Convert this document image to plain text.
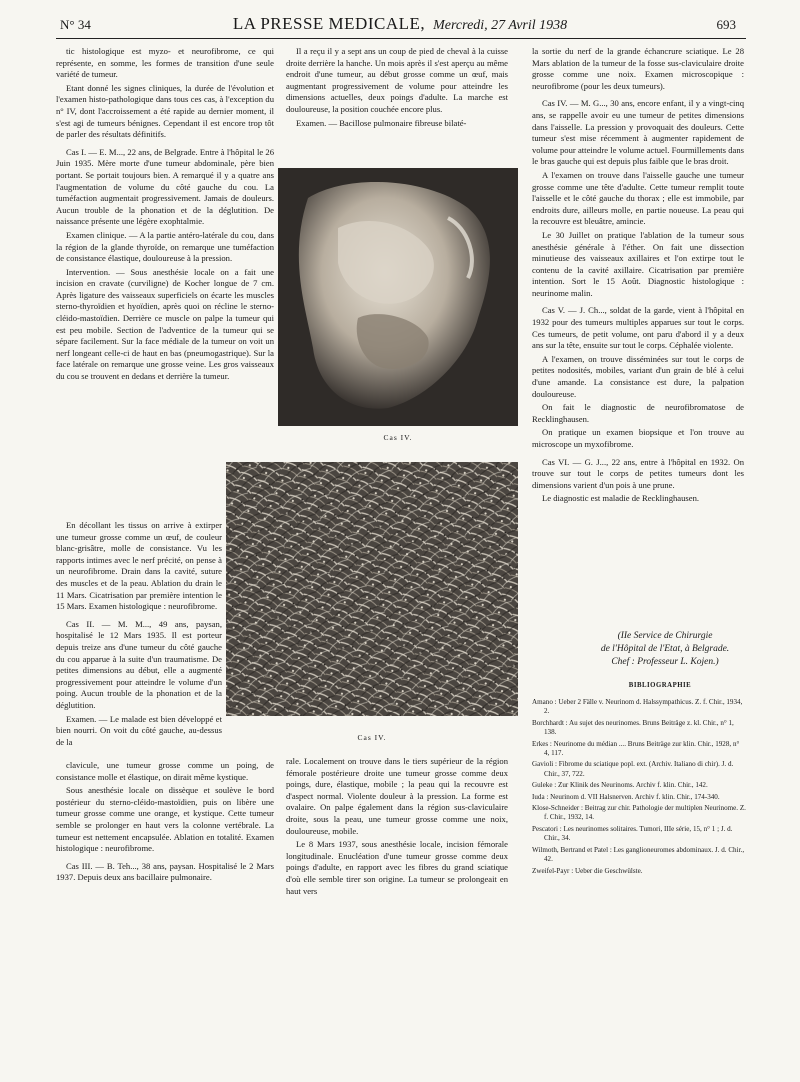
N° 34	LA PRESSE MEDICALE, Mercredi, 27 Avril 1938	693

tic histologique est myzo- et neurofibrome, ce qui représente, en somme, les formes de transition d'une seule variété de tumeur.

Etant donné les signes cliniques, la durée de l'évolution et l'examen histo-pathologique dans tous ces cas, à l'exception du n° IV, dont l'accroissement a été rapide au dernier moment, il s'est agi de tumeurs bénignes. Cependant il est encore trop tôt de parler des résultats définitifs.

Cas I. — E. M..., 22 ans, de Belgrade. Entre à l'hôpital le 26 Juin 1935. Mère morte d'une tumeur abdominale, père bien portant. Se portait toujours bien. A remarqué il y a quatre ans l'augmentation de volume du côté gauche du cou. La tuméfaction augmentait progressivement. Jamais de douleurs. Aucun trouble de la phonation et de la déglutition. De naissance présente une légère exophtalmie.

Examen clinique. — A la partie antéro-latérale du cou, dans la région de la glande thyroïde, on remarque une tuméfaction de consistance élastique, douloureuse à la pression.

Intervention. — Sous anesthésie locale on a fait une incision en cravate (curviligne) de Kocher longue de 7 cm. Après ligature des vaisseaux superficiels on écarte les muscles sterno-thyroïdien et hyoïdien, après quoi on récline le sterno-cléido-mastoïdien. Derrière ce muscle on palpe la tumeur qui est peu mobile. Section de l'adventice de la tumeur qui se sépare facilement. Sur la face médiale de la tumeur on voit un nerf longeant celle-ci de haut en bas (pneumogastrique). Sur la face latérale on remarque une grosse veine. Les gros vaisseaux du cou se trouvent en dedans et derrière la tumeur.

En décollant les tissus on arrive à extirper une tumeur grosse comme un œuf, de couleur blanc-grisâtre, molle de consistance. Vu les rapports intimes avec le nerf précité, on pense à un neurofibrome. Drain dans la cavité, suture des muscles et de la peau. Ablation du drain le 11 Mars. Cicatrisation par première intention le 15 Mars. Examen histologique : neurofibrome.

Cas II. — M. M..., 49 ans, paysan, hospitalisé le 12 Mars 1935. Il est porteur depuis treize ans d'une tumeur du côté gauche du cou apparue à la suite d'un traumatisme. De petites dimensions au début, elle a augmenté progressivement pour atteindre le volume d'un poing. Aucun trouble de la phonation et de la déglutition.

Examen. — Le malade est bien développé et bien nourri. On voit du côté gauche, au-dessus de la

clavicule, une tumeur grosse comme un poing, de consistance molle et élastique, on dirait même kystique.

Sous anesthésie locale on dissèque et soulève le bord postérieur du sterno-cléido-mastoïdien, puis on libère une tumeur grosse comme une orange, et kystique. Cette tumeur semble se prolonger en haut vers la colonne vertébrale. La tumeur est nettement encapsulée. Ablation en totalité. Examen histologique : neurofibrome.

Cas III. — B. Teh..., 38 ans, paysan. Hospitalisé le 2 Mars 1937. Depuis deux ans bacillaire pulmonaire.

Il a reçu il y a sept ans un coup de pied de cheval à la cuisse droite derrière la hanche. Un mois après il s'est aperçu au même endroit d'une tumeur, au début grosse comme un œuf, mais augmentant progressivement de volume pour atteindre les dimensions actuelles, deux poings d'adulte. La marche est douloureuse, la position couchée encore plus.

Examen. — Bacillose pulmonaire fibreuse bilaté-

Cas IV.
Cas IV.

rale. Localement on trouve dans le tiers supérieur de la région fémorale postérieure droite une tumeur grosse comme deux poings, dure, élastique, mobile ; la peau qui la recouvre est d'aspect normal. Violente douleur à la pression. La forme est ovalaire. On palpe également dans la région sus-claviculaire droite, sous la peau, une tumeur grosse comme une noix, douloureuse, mobile.

Le 8 Mars 1937, sous anesthésie locale, incision fémorale longitudinale. Enucléation d'une tumeur grosse comme deux poings d'adulte, en rapport avec les fibres du grand sciatique d'où elle semble tirer son origine. La tumeur se prolongeait en haut vers

la sortie du nerf de la grande échancrure sciatique. Le 28 Mars ablation de la tumeur de la fosse sus-claviculaire droite grosse comme une noix. Examen microscopique : neurofibrome (pour les deux tumeurs).

Cas IV. — M. G..., 30 ans, encore enfant, il y a vingt-cinq ans, se rappelle avoir eu une tumeur de petites dimensions dans l'aisselle. La pression y provoquait des douleurs. Cette tumeur s'est mise récemment à augmenter rapidement de volume pour atteindre le volume actuel. Fourmillements dans le bras gauche qui est depuis plus faible que le bras droit.

A l'examen on trouve dans l'aisselle gauche une tumeur grosse comme une tête d'adulte. Cette tumeur remplit toute l'aisselle et le côté gauche du thorax ; elle est immobile, par endroits dure, ailleurs molle, en partie noueuse. La peau qui la recouvre est bleuâtre, amincie.

Le 30 Juillet on pratique l'ablation de la tumeur sous anesthésie générale à l'éther. On fait une dissection minutieuse des vaisseaux axillaires et l'on extirpe tout le contenu de la cavité axillaire. Cicatrisation par première intention. Sort le 15 Août. Diagnostic histologique : neurinome malin.

Cas V. — J. Ch..., soldat de la garde, vient à l'hôpital en 1932 pour des tumeurs multiples apparues sur tout le corps. Ces tumeurs, de petit volume, ont paru d'abord il y a deux ans sur la tête, ensuite sur tout le corps. Céphalée violente.

A l'examen, on trouve disséminées sur tout le corps de petites nodosités, mobiles, variant d'un grain de blé à celui d'une amande. La consistance est dure, la palpation douloureuse.

On fait le diagnostic de neurofibromatose de Recklinghausen.

On pratique un examen biopsique et l'on trouve au microscope un myxofibrome.

Cas VI. — G. J..., 22 ans, entre à l'hôpital en 1932. On trouve sur tout le corps de petites tumeurs dont les dimensions varient d'un pois à une prune.

Le diagnostic est maladie de Recklinghausen.

(IIe Service de Chirurgie
de l'Hôpital de l'Etat, à Belgrade.
Chef : Professeur L. Kojen.)
BIBLIOGRAPHIE
Amano : Ueber 2 Fälle v. Neurinom d. Halssympathicus. Z. f. Chir., 1934, 2.
Borchhardt : Au sujet des neurinomes. Bruns Beiträge z. kl. Chir., n° 1, 138.
Erkes : Neurinome du médian .... Bruns Beiträge zur klin. Chir., 1928, n° 4, 117.
Gavioli : Fibrome du sciatique popl. ext. (Archiv. Italiano di chir). J. d. Chir., 37, 722.
Guleke : Zur Klinik des Neurinoms. Archiv f. klin. Chir., 142.
Iuda : Neurinom d. VII Halsnerven. Archiv f. klin. Chir., 174-340.
Klose-Schneider : Beitrag zur chir. Pathologie der multiplen Neurinome. Z. f. Chir., 1932, 14.
Pescatori : Les neurinomes solitaires. Tumori, IIIe série, 15, n° 1 ; J. d. Chir., 34.
Wilmoth, Bertrand et Patel : Les ganglioneuromes abdominaux. J. d. Chir., 42.
Zweifel-Payr : Ueber die Geschwülste.
